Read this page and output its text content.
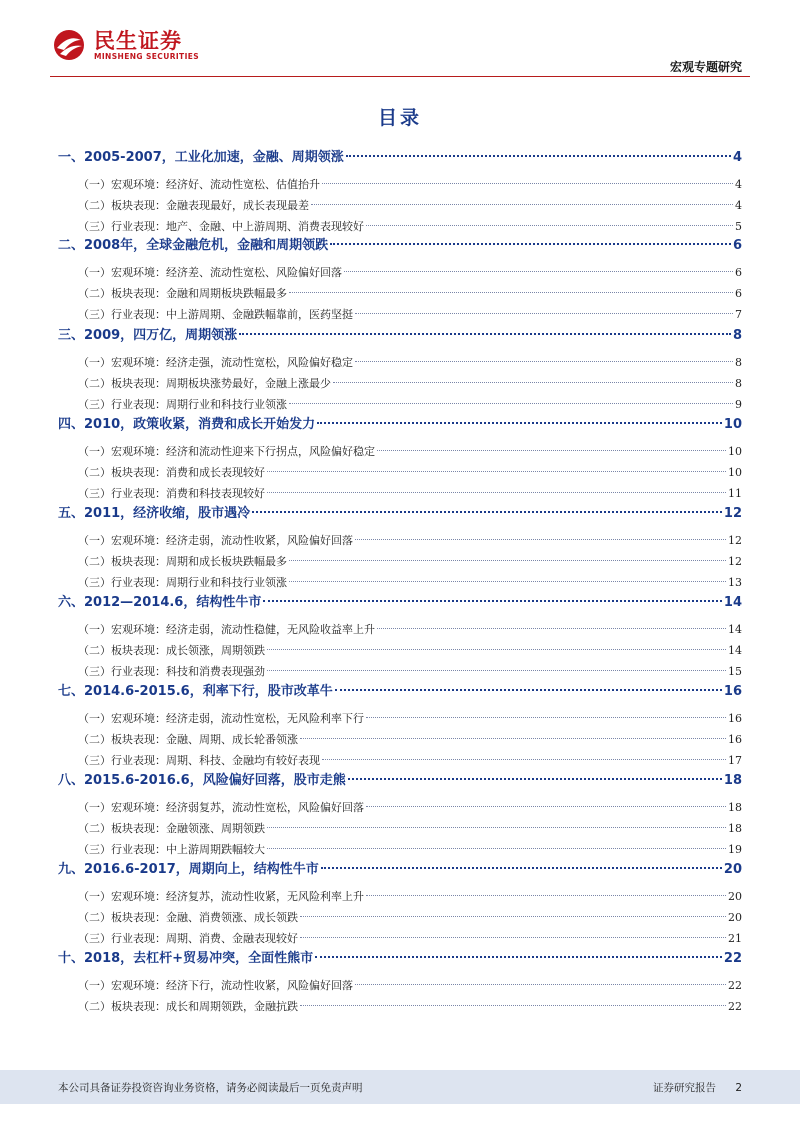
民生证券
MINSHENG SECURITIES
宏观专题研究
目录
一、2005-2007，工业化加速，金融、周期领涨	4
（一）宏观环境：经济好、流动性宽松、估值抬升	4
（二）板块表现：金融表现最好，成长表现最差	4
（三）行业表现：地产、金融、中上游周期、消费表现较好	5
二、2008年，全球金融危机，金融和周期领跌	6
（一）宏观环境：经济差、流动性宽松、风险偏好回落	6
（二）板块表现：金融和周期板块跌幅最多	6
（三）行业表现：中上游周期、金融跌幅靠前，医药坚挺	7
三、2009，四万亿，周期领涨	8
（一）宏观环境：经济走强，流动性宽松，风险偏好稳定	8
（二）板块表现：周期板块涨势最好，金融上涨最少	8
（三）行业表现：周期行业和科技行业领涨	9
四、2010，政策收紧，消费和成长开始发力	10
（一）宏观环境：经济和流动性迎来下行拐点，风险偏好稳定	10
（二）板块表现：消费和成长表现较好	10
（三）行业表现：消费和科技表现较好	11
五、2011，经济收缩，股市遇冷	12
（一）宏观环境：经济走弱，流动性收紧，风险偏好回落	12
（二）板块表现：周期和成长板块跌幅最多	12
（三）行业表现：周期行业和科技行业领涨	13
六、2012—2014.6，结构性牛市	14
（一）宏观环境：经济走弱，流动性稳健，无风险收益率上升	14
（二）板块表现：成长领涨，周期领跌	14
（三）行业表现：科技和消费表现强劲	15
七、2014.6-2015.6，利率下行，股市改革牛	16
（一）宏观环境：经济走弱，流动性宽松，无风险利率下行	16
（二）板块表现：金融、周期、成长轮番领涨	16
（三）行业表现：周期、科技、金融均有较好表现	17
八、2015.6-2016.6，风险偏好回落，股市走熊	18
（一）宏观环境：经济弱复苏，流动性宽松，风险偏好回落	18
（二）板块表现：金融领涨、周期领跌	18
（三）行业表现：中上游周期跌幅较大	19
九、2016.6-2017，周期向上，结构性牛市	20
（一）宏观环境：经济复苏，流动性收紧，无风险利率上升	20
（二）板块表现：金融、消费领涨、成长领跌	20
（三）行业表现：周期、消费、金融表现较好	21
十、2018，去杠杆+贸易冲突，全面性熊市	22
（一）宏观环境：经济下行，流动性收紧，风险偏好回落	22
（二）板块表现：成长和周期领跌，金融抗跌	22
本公司具备证券投资咨询业务资格，请务必阅读最后一页免责声明	证券研究报告 2
